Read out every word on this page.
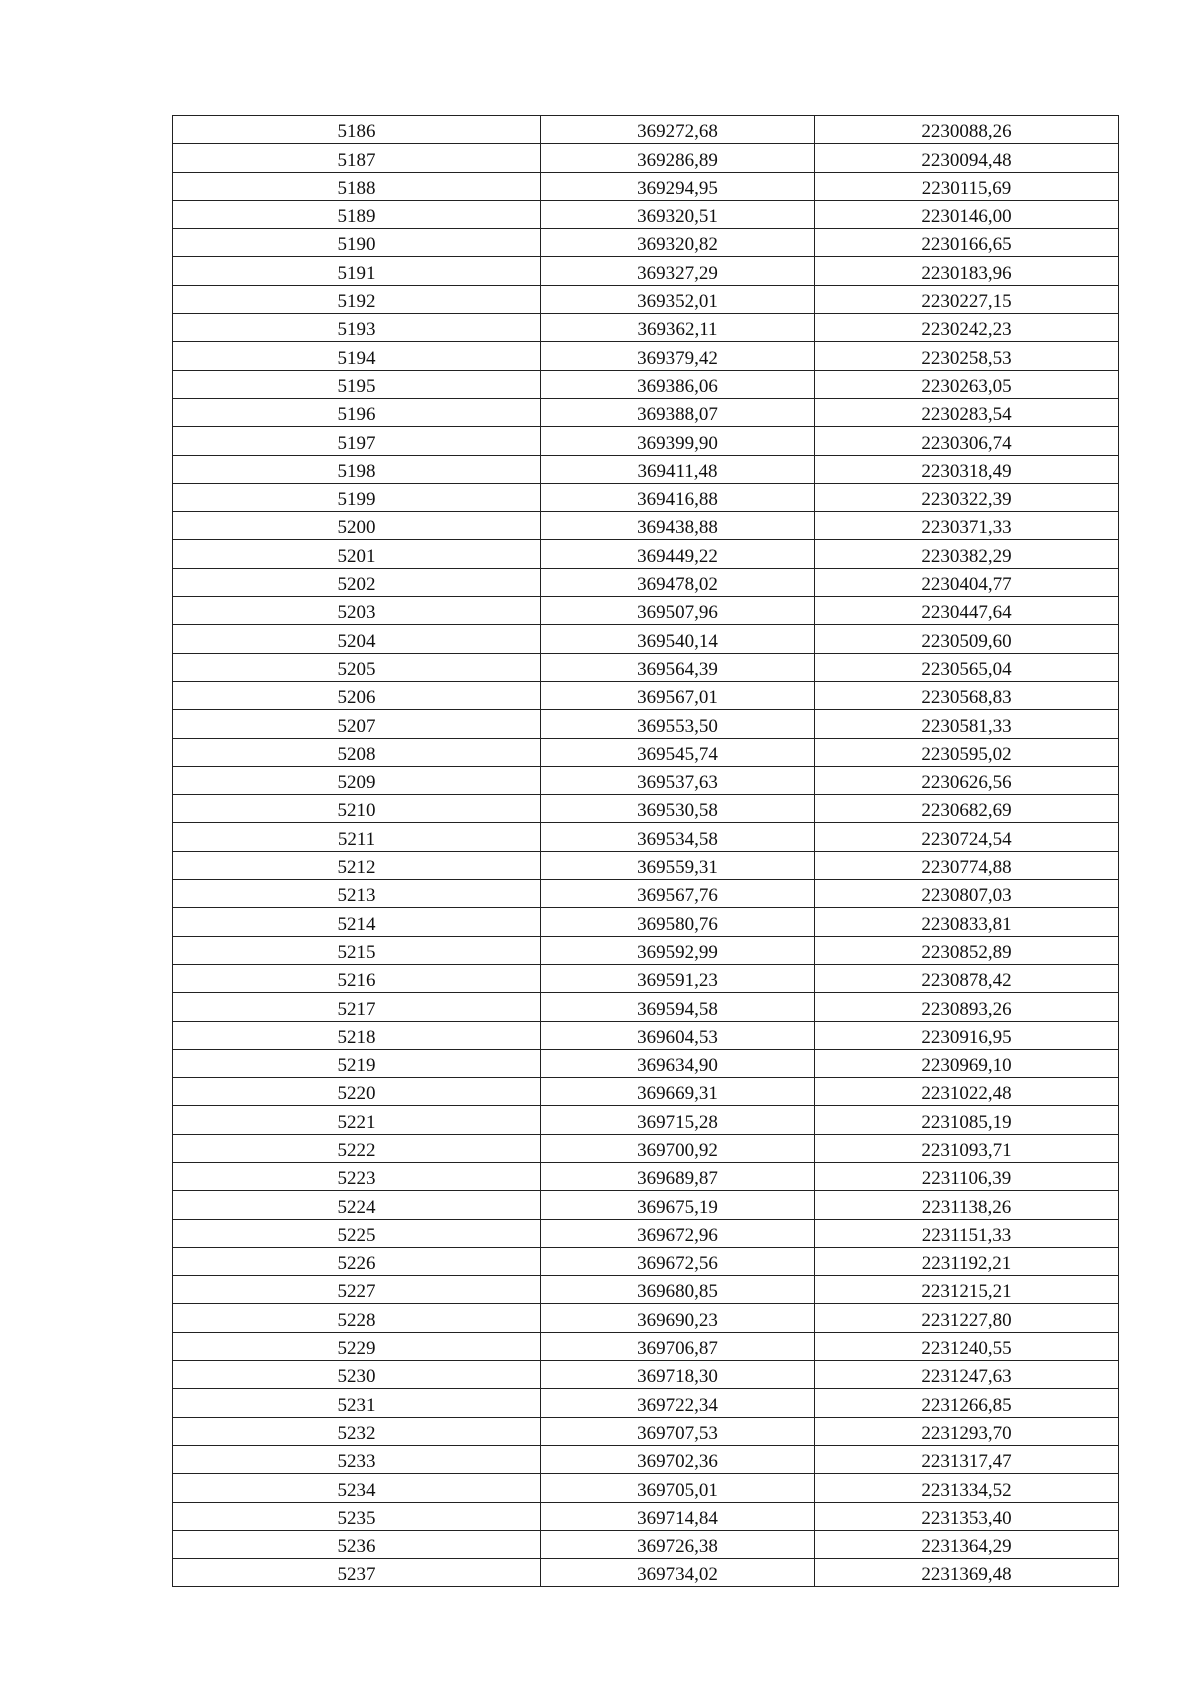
5186	369272,68	2230088,26
5187	369286,89	2230094,48
5188	369294,95	2230115,69
5189	369320,51	2230146,00
5190	369320,82	2230166,65
5191	369327,29	2230183,96
5192	369352,01	2230227,15
5193	369362,11	2230242,23
5194	369379,42	2230258,53
5195	369386,06	2230263,05
5196	369388,07	2230283,54
5197	369399,90	2230306,74
5198	369411,48	2230318,49
5199	369416,88	2230322,39
5200	369438,88	2230371,33
5201	369449,22	2230382,29
5202	369478,02	2230404,77
5203	369507,96	2230447,64
5204	369540,14	2230509,60
5205	369564,39	2230565,04
5206	369567,01	2230568,83
5207	369553,50	2230581,33
5208	369545,74	2230595,02
5209	369537,63	2230626,56
5210	369530,58	2230682,69
5211	369534,58	2230724,54
5212	369559,31	2230774,88
5213	369567,76	2230807,03
5214	369580,76	2230833,81
5215	369592,99	2230852,89
5216	369591,23	2230878,42
5217	369594,58	2230893,26
5218	369604,53	2230916,95
5219	369634,90	2230969,10
5220	369669,31	2231022,48
5221	369715,28	2231085,19
5222	369700,92	2231093,71
5223	369689,87	2231106,39
5224	369675,19	2231138,26
5225	369672,96	2231151,33
5226	369672,56	2231192,21
5227	369680,85	2231215,21
5228	369690,23	2231227,80
5229	369706,87	2231240,55
5230	369718,30	2231247,63
5231	369722,34	2231266,85
5232	369707,53	2231293,70
5233	369702,36	2231317,47
5234	369705,01	2231334,52
5235	369714,84	2231353,40
5236	369726,38	2231364,29
5237	369734,02	2231369,48
